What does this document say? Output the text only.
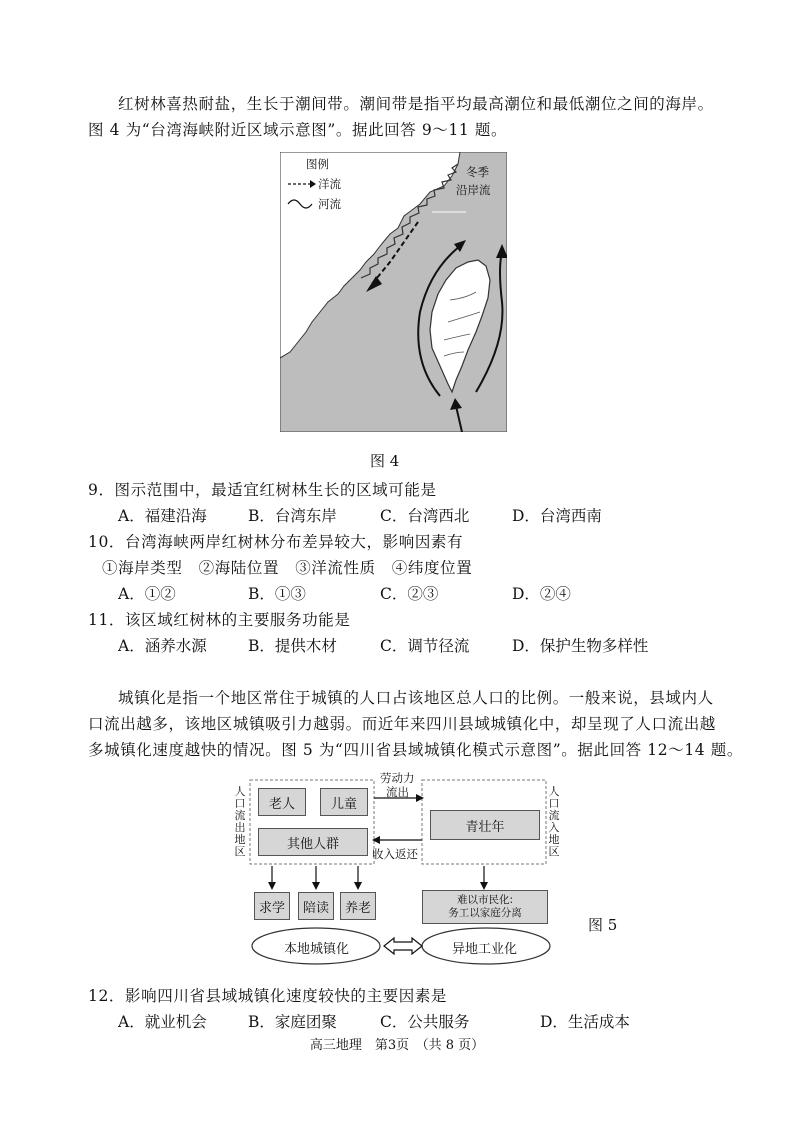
红树林喜热耐盐，生长于潮间带。潮间带是指平均最高潮位和最低潮位之间的海岸。
图 4 为“台湾海峡附近区域示意图”。据此回答 9～11 题。
图例
洋流
河流
冬季
沿岸流
图 4
9．图示范围中，最适宜红树林生长的区域可能是
A．福建沿海	B．台湾东岸	C．台湾西北	D．台湾西南
10．台湾海峡两岸红树林分布差异较大，影响因素有
①海岸类型　②海陆位置　③洋流性质　④纬度位置
A．①②	B．①③	C．②③	D．②④
11．该区域红树林的主要服务功能是
A．涵养水源	B．提供木材	C．调节径流	D．保护生物多样性
城镇化是指一个地区常住于城镇的人口占该地区总人口的比例。一般来说，县域内人
口流出越多，该地区城镇吸引力越弱。而近年来四川县域城镇化中，却呈现了人口流出越
多城镇化速度越快的情况。图 5 为“四川省县域城镇化模式示意图”。据此回答 12～14 题。
人口流出地区
人口流入地区
老人	儿童
其他人群
青壮年
劳动力
流出
收入返还
求学	陪读	养老
难以市民化:
务工以家庭分离
本地城镇化	异地工业化
图 5
12．影响四川省县域城镇化速度较快的主要因素是
A．就业机会	B．家庭团聚	C．公共服务	D．生活成本
高三地理　第3页　（共 8 页）
